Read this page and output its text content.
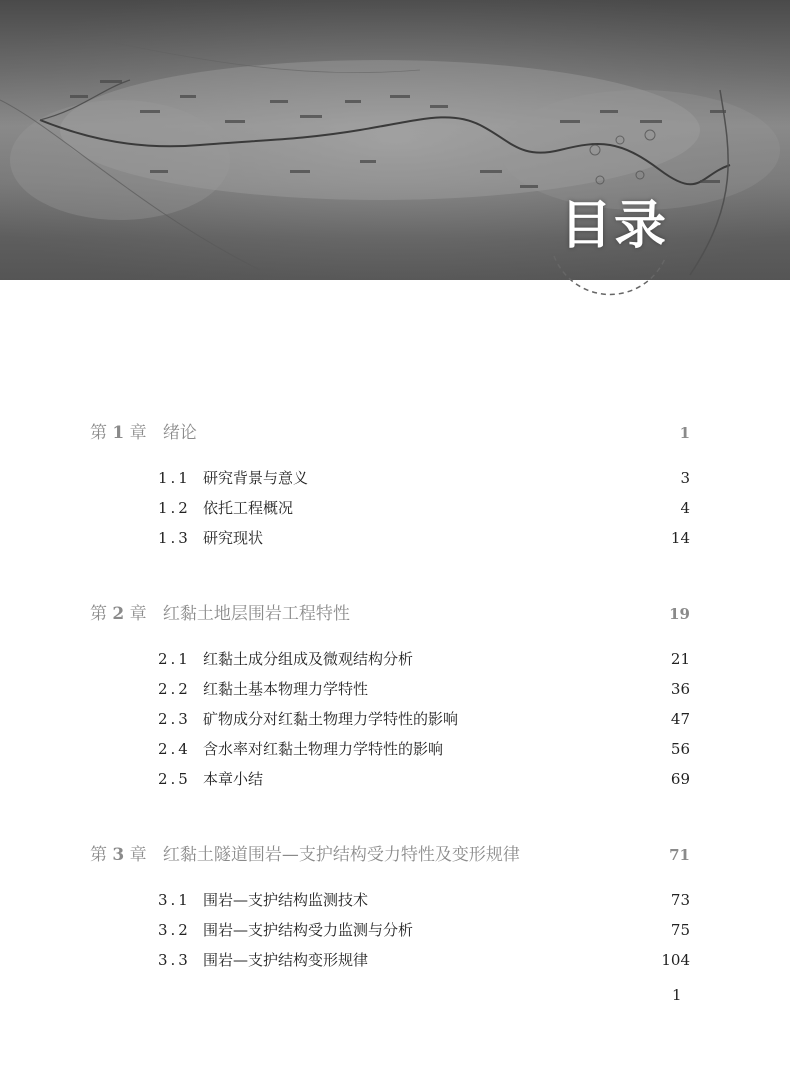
目录
第 1 章 绪论	1
1.1 研究背景与意义	3
1.2 依托工程概况	4
1.3 研究现状	14
第 2 章 红黏土地层围岩工程特性	19
2.1 红黏土成分组成及微观结构分析	21
2.2 红黏土基本物理力学特性	36
2.3 矿物成分对红黏土物理力学特性的影响	47
2.4 含水率对红黏土物理力学特性的影响	56
2.5 本章小结	69
第 3 章 红黏土隧道围岩—支护结构受力特性及变形规律	71
3.1 围岩—支护结构监测技术	73
3.2 围岩—支护结构受力监测与分析	75
3.3 围岩—支护结构变形规律	104
1
